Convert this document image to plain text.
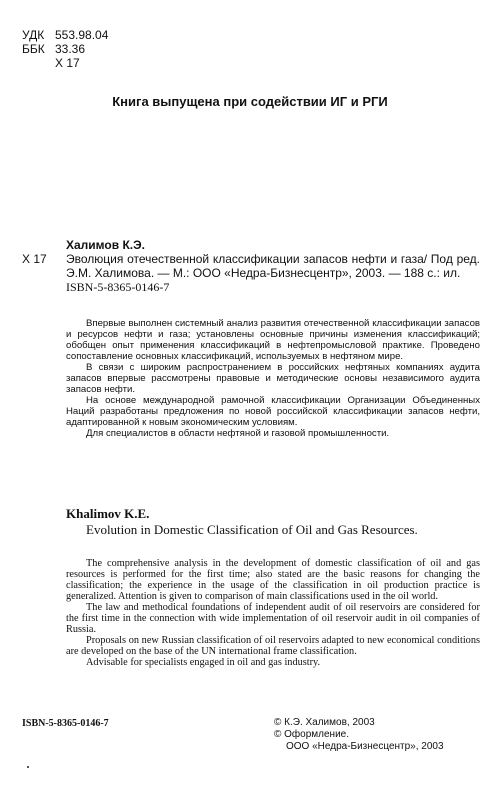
УДК 553.98.04
ББК 33.36
Х 17
Книга выпущена при содействии ИГ и РГИ
Халимов К.Э.
Х 17	Эволюция отечественной классификации запасов нефти и газа/ Под ред. Э.М. Халимова. — М.: ООО «Недра-Бизнесцентр», 2003. — 188 с.: ил.
ISBN-5-8365-0146-7

Впервые выполнен системный анализ развития отечественной классификации запасов и ресурсов нефти и газа; установлены основные причины изменения классификаций; обобщен опыт применения классификаций в нефтепромысловой практике. Проведено сопоставление основных классификаций, используемых в нефтяном мире.

В связи с широким распространением в российских нефтяных компаниях аудита запасов впервые рассмотрены правовые и методические основы независимого аудита запасов нефти.

На основе международной рамочной классификации Организации Объединенных Наций разработаны предложения по новой российской классификации запасов нефти, адаптированной к новым экономическим условиям.

Для специалистов в области нефтяной и газовой промышленности.

Khalimov K.E.
Evolution in Domestic Classification of Oil and Gas Resources.

The comprehensive analysis in the development of domestic classification of oil and gas resources is performed for the first time; also stated are the basic reasons for changing the classification; the experience in the usage of the classification in oil production practice is generalized. Attention is given to comparison of main classifications used in the oil world.

The law and methodical foundations of independent audit of oil reservoirs are considered for the first time in the connection with wide implementation of oil reservoir audit in oil companies of Russia.

Proposals on new Russian classification of oil reservoirs adapted to new economical conditions are developed on the base of the UN international frame classification.

Advisable for specialists engaged in oil and gas industry.

ISBN-5-8365-0146-7	© К.Э. Халимов, 2003
© Оформление.
ООО «Недра-Бизнесцентр», 2003
